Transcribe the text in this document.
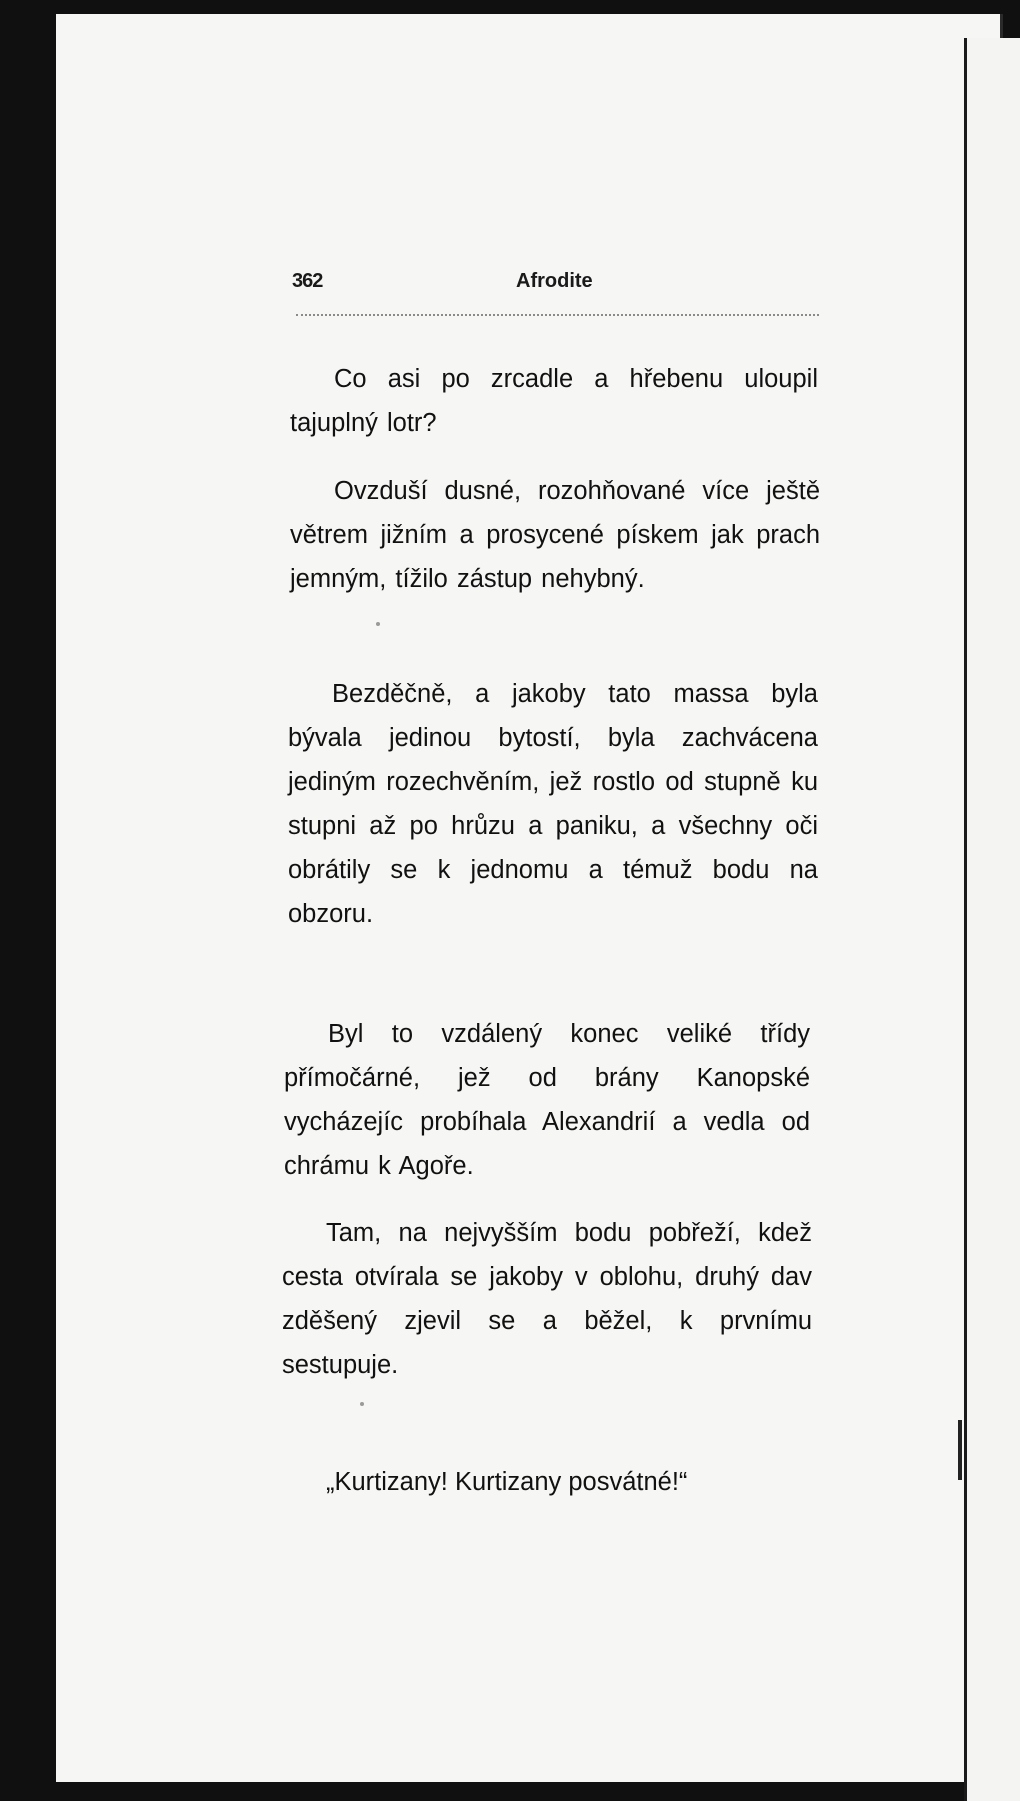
362	Afrodite
Co asi po zrcadle a hřebenu uloupil tajuplný lotr?
Ovzduší dusné, rozohňované více ještě větrem jižním a prosycené pískem jak prach jemným, tížilo zástup nehybný.
Bezděčně, a jakoby tato massa byla bývala jedinou bytostí, byla zachvácena jediným rozechvěním, jež rostlo od stupně ku stupni až po hrůzu a paniku, a všechny oči obrátily se k jednomu a témuž bodu na obzoru.
Byl to vzdálený konec veliké třídy přímočárné, jež od brány Kanopské vycházejíc probíhala Alexandrií a vedla od chrámu k Agoře.
Tam, na nejvyšším bodu pobřeží, kdež cesta otvírala se jakoby v oblohu, druhý dav zděšený zjevil se a běžel, k prvnímu sestupuje.
„Kurtizany! Kurtizany posvátné!“
